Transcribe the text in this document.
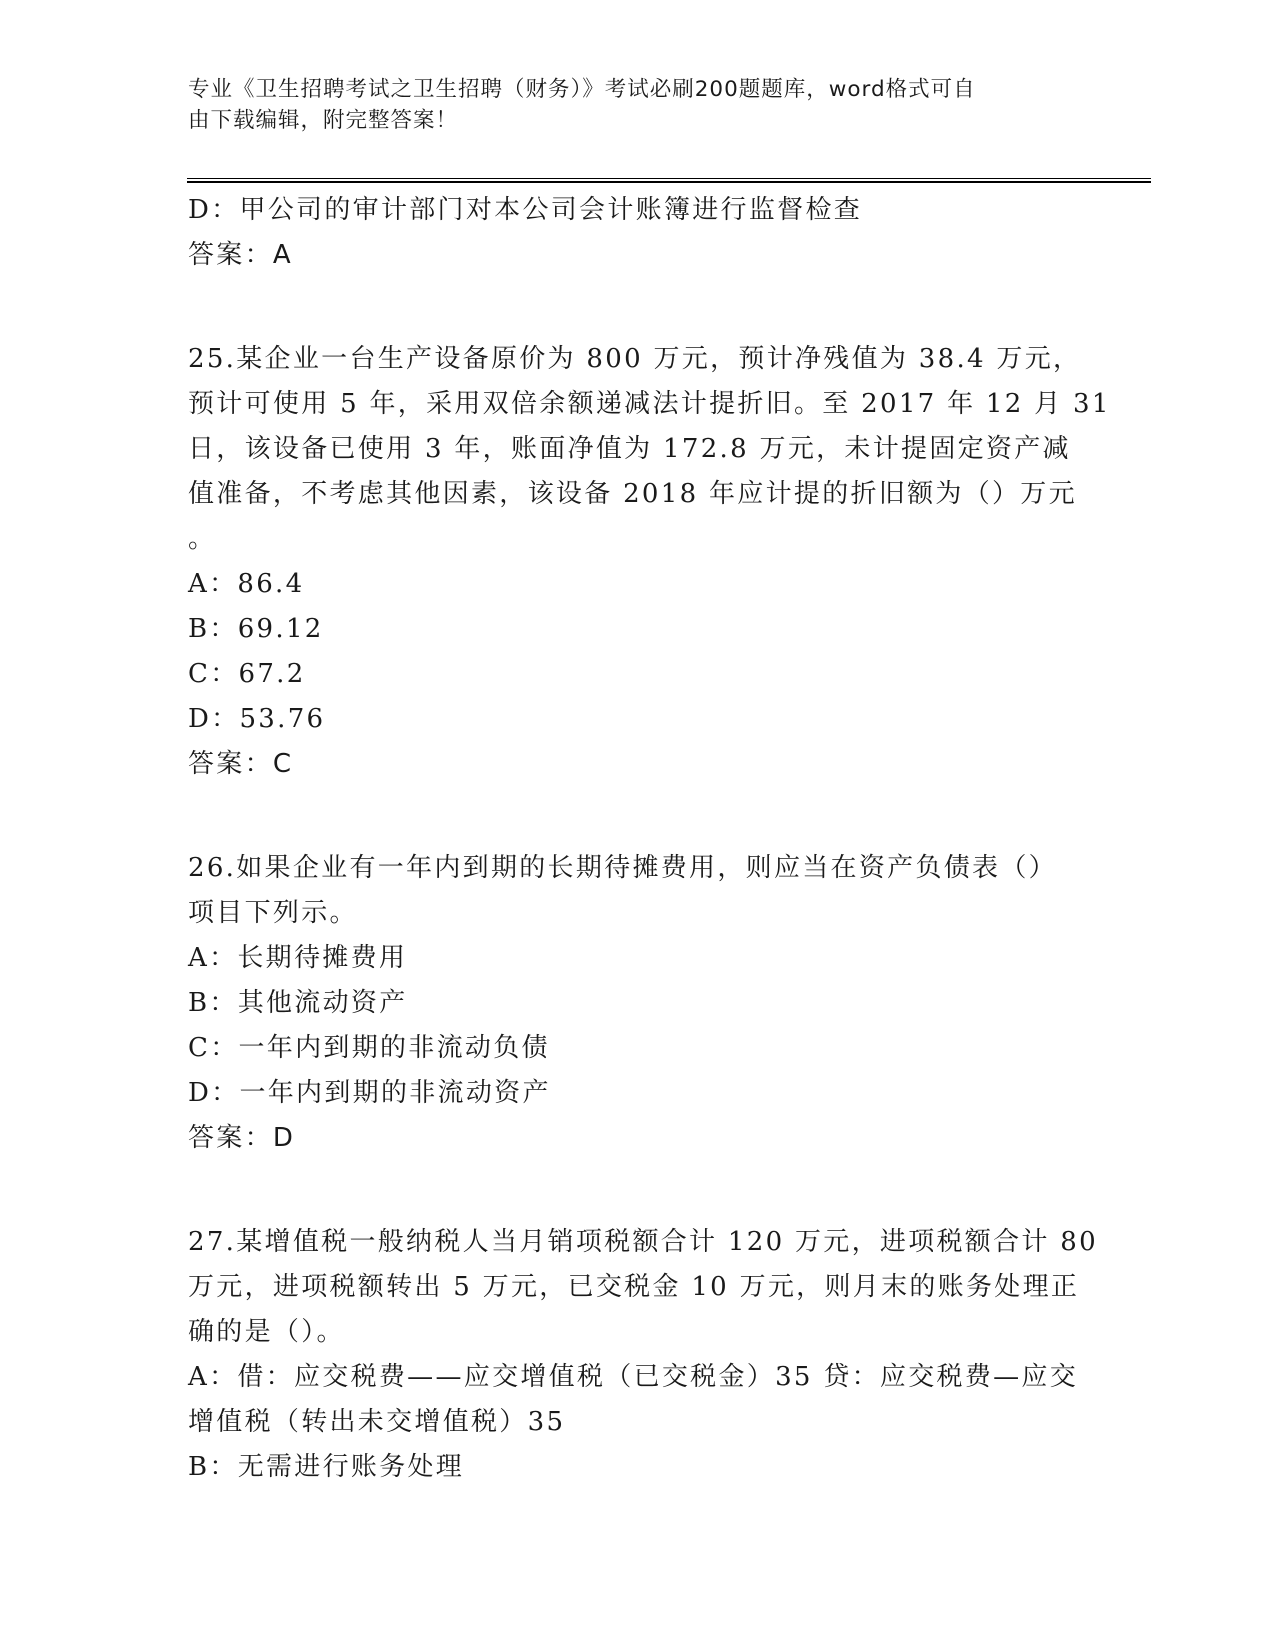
专业《卫生招聘考试之卫生招聘（财务）》考试必刷200题题库，word格式可自
由下载编辑，附完整答案！
D：甲公司的审计部门对本公司会计账簿进行监督检查
答案：A
25.某企业一台生产设备原价为 800 万元，预计净残值为 38.4 万元，
预计可使用 5 年，采用双倍余额递减法计提折旧。至 2017 年 12 月 31
日，该设备已使用 3 年，账面净值为 172.8 万元，未计提固定资产减
值准备，不考虑其他因素，该设备 2018 年应计提的折旧额为（）万元
。
A：86.4
B：69.12
C：67.2
D：53.76
答案：C
26.如果企业有一年内到期的长期待摊费用，则应当在资产负债表（）
项目下列示。
A：长期待摊费用
B：其他流动资产
C：一年内到期的非流动负债
D：一年内到期的非流动资产
答案：D
27.某增值税一般纳税人当月销项税额合计 120 万元，进项税额合计 80
万元，进项税额转出 5 万元，已交税金 10 万元，则月末的账务处理正
确的是（）。
A：借：应交税费——应交增值税（已交税金）35 贷：应交税费—应交
增值税（转出未交增值税）35
B：无需进行账务处理
